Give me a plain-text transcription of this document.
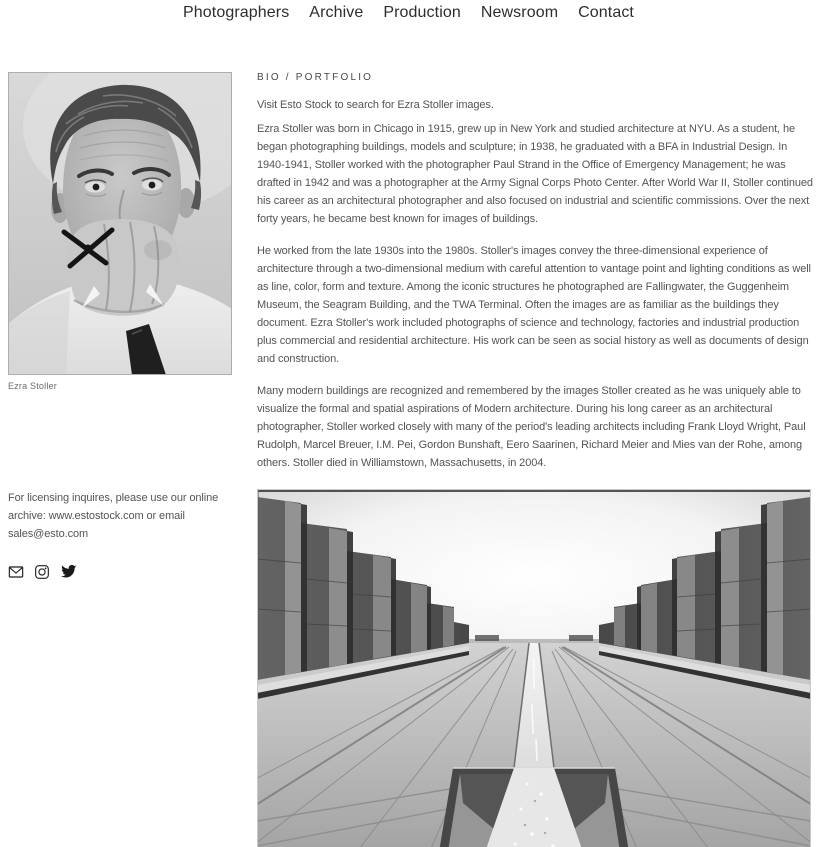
Photographers Archive Production Newsroom Contact
Ezra Stoller

For licensing inquires, please use our online archive: www.estostock.com or email sales@esto.com

BIO / PORTFOLIO

Visit Esto Stock to search for Ezra Stoller images.

Ezra Stoller was born in Chicago in 1915, grew up in New York and studied architecture at NYU. As a student, he began photographing buildings, models and sculpture; in 1938, he graduated with a BFA in Industrial Design. In 1940-1941, Stoller worked with the photographer Paul Strand in the Office of Emergency Management; he was drafted in 1942 and was a photographer at the Army Signal Corps Photo Center. After World War II, Stoller continued his career as an architectural photographer and also focused on industrial and scientific commissions. Over the next forty years, he became best known for images of buildings.

He worked from the late 1930s into the 1980s. Stoller's images convey the three-dimensional experience of architecture through a two-dimensional medium with careful attention to vantage point and lighting conditions as well as line, color, form and texture. Among the iconic structures he photographed are Fallingwater, the Guggenheim Museum, the Seagram Building, and the TWA Terminal. Often the images are as familiar as the buildings they document. Ezra Stoller's work included photographs of science and technology, factories and industrial production plus commercial and residential architecture. His work can be seen as social history as well as documents of design and construction.

Many modern buildings are recognized and remembered by the images Stoller created as he was uniquely able to visualize the formal and spatial aspirations of Modern architecture. During his long career as an architectural photographer, Stoller worked closely with many of the period's leading architects including Frank Lloyd Wright, Paul Rudolph, Marcel Breuer, I.M. Pei, Gordon Bunshaft, Eero Saarinen, Richard Meier and Mies van der Rohe, among others. Stoller died in Williamstown, Massachusetts, in 2004.
